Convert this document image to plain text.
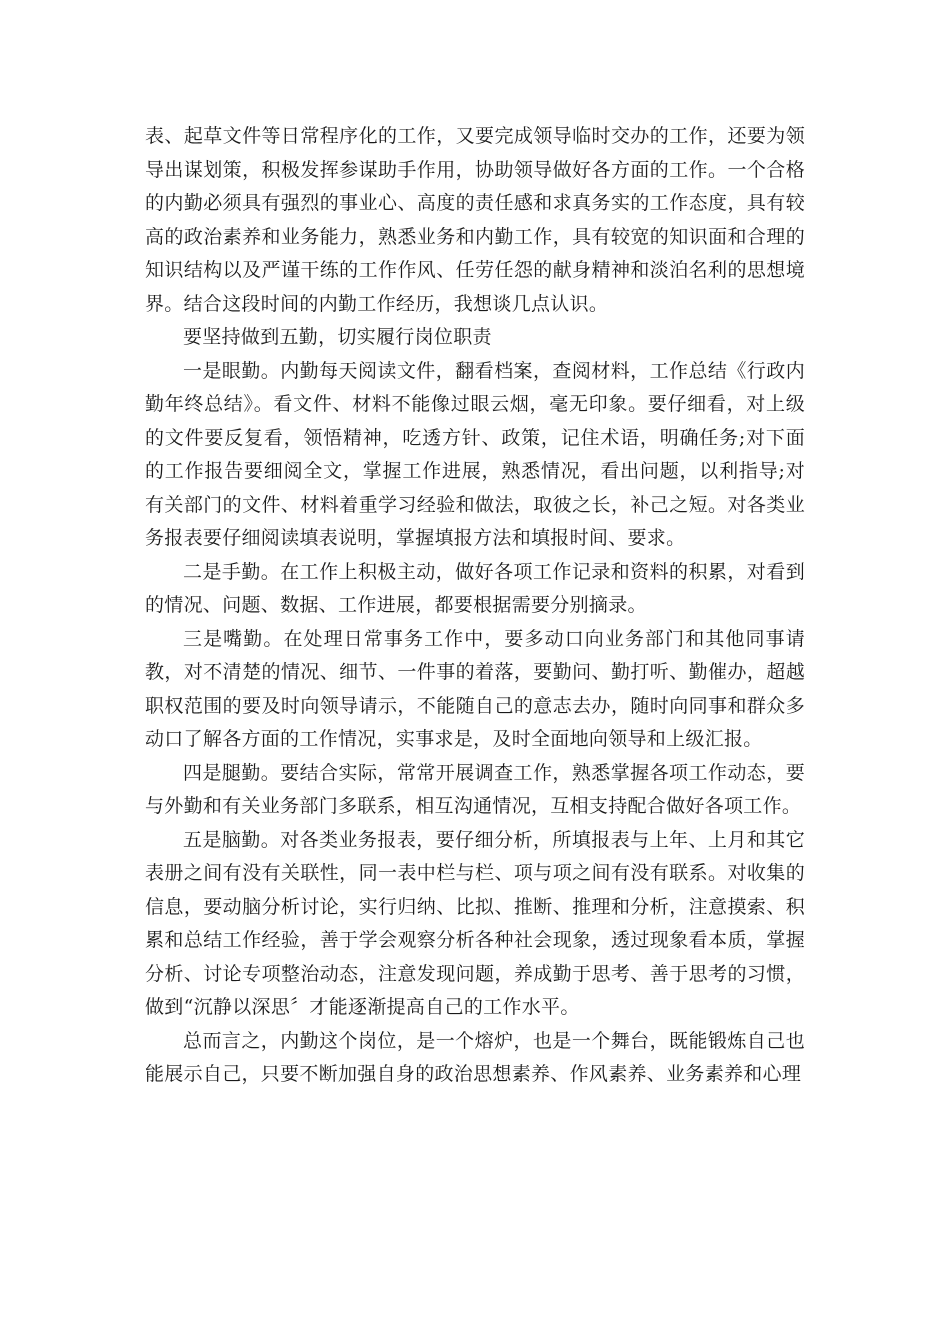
表、起草文件等日常程序化的工作，又要完成领导临时交办的工作，还要为领导出谋划策，积极发挥参谋助手作用，协助领导做好各方面的工作。一个合格的内勤必须具有强烈的事业心、高度的责任感和求真务实的工作态度，具有较高的政治素养和业务能力，熟悉业务和内勤工作，具有较宽的知识面和合理的知识结构以及严谨干练的工作作风、任劳任怨的献身精神和淡泊名利的思想境界。结合这段时间的内勤工作经历，我想谈几点认识。

要坚持做到五勤，切实履行岗位职责

一是眼勤。内勤每天阅读文件，翻看档案，查阅材料，工作总结《行政内勤年终总结》。看文件、材料不能像过眼云烟，毫无印象。要仔细看，对上级的文件要反复看，领悟精神，吃透方针、政策，记住术语，明确任务;对下面的工作报告要细阅全文，掌握工作进展，熟悉情况，看出问题，以利指导;对有关部门的文件、材料着重学习经验和做法，取彼之长，补己之短。对各类业务报表要仔细阅读填表说明，掌握填报方法和填报时间、要求。

二是手勤。在工作上积极主动，做好各项工作记录和资料的积累，对看到的情况、问题、数据、工作进展，都要根据需要分别摘录。

三是嘴勤。在处理日常事务工作中，要多动口向业务部门和其他同事请教，对不清楚的情况、细节、一件事的着落，要勤问、勤打听、勤催办，超越职权范围的要及时向领导请示，不能随自己的意志去办，随时向同事和群众多动口了解各方面的工作情况，实事求是，及时全面地向领导和上级汇报。

四是腿勤。要结合实际，常常开展调查工作，熟悉掌握各项工作动态，要与外勤和有关业务部门多联系，相互沟通情况，互相支持配合做好各项工作。

五是脑勤。对各类业务报表，要仔细分析，所填报表与上年、上月和其它表册之间有没有关联性，同一表中栏与栏、项与项之间有没有联系。对收集的信息，要动脑分析讨论，实行归纳、比拟、推断、推理和分析，注意摸索、积累和总结工作经验，善于学会观察分析各种社会现象，透过现象看本质，掌握分析、讨论专项整治动态，注意发现问题，养成勤于思考、善于思考的习惯，做到“沉静以深思〞才能逐渐提高自己的工作水平。

总而言之，内勤这个岗位，是一个熔炉，也是一个舞台，既能锻炼自己也能展示自己，只要不断加强自身的政治思想素养、作风素养、业务素养和心理
